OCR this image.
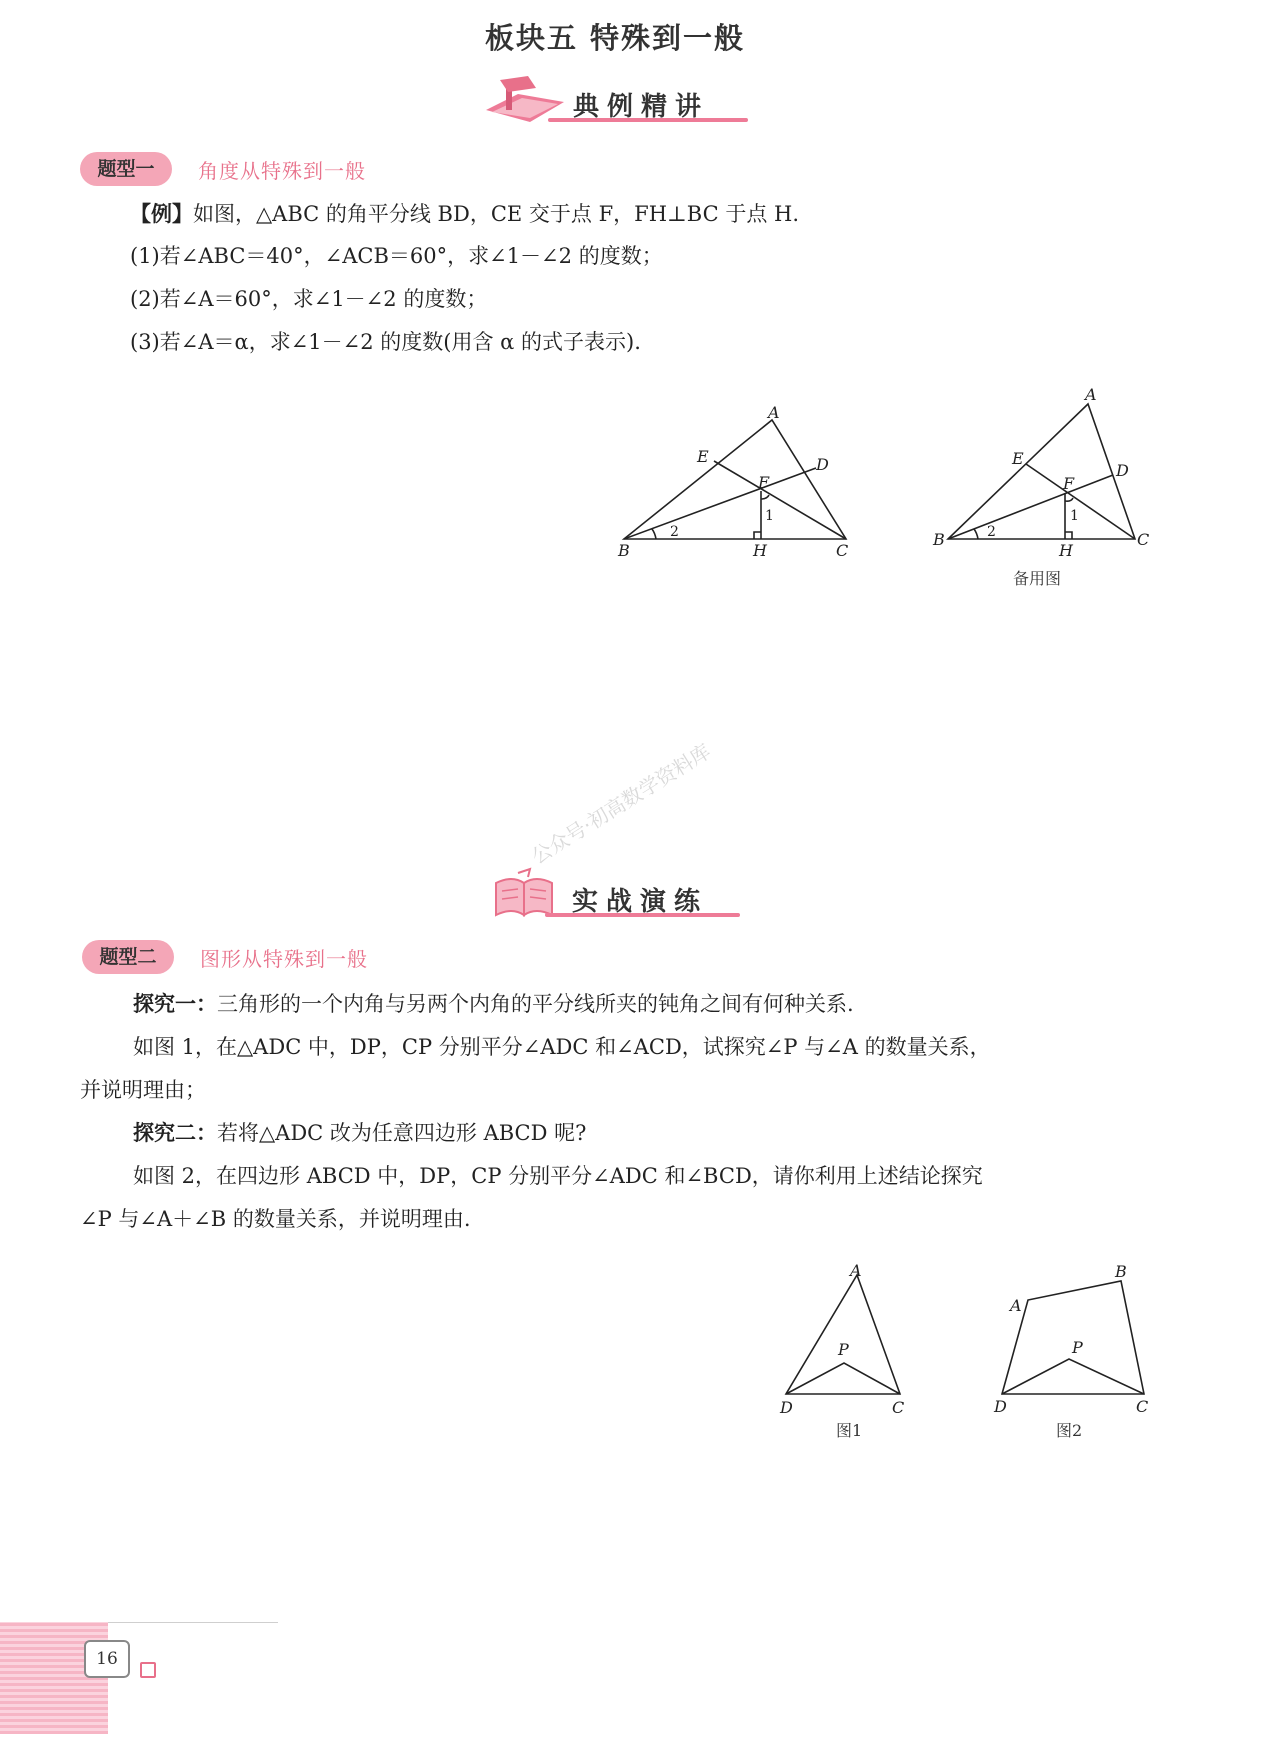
板块五 特殊到一般
典例精讲
题型一	角度从特殊到一般
【例】如图，△ABC 的角平分线 BD，CE 交于点 F，FH⊥BC 于点 H.
(1)若∠ABC＝40°，∠ACB＝60°，求∠1－∠2 的度数；
(2)若∠A＝60°，求∠1－∠2 的度数；
(3)若∠A＝α，求∠1－∠2 的度数(用含 α 的式子表示).
A
B	C
D
E
F
H
1
2
A
B	C
D
E
F
H
1
2
备用图
实战演练
公众号·初高数学资料库
题型二	图形从特殊到一般
探究一：三角形的一个内角与另两个内角的平分线所夹的钝角之间有何种关系.
如图 1，在△ADC 中，DP，CP 分别平分∠ADC 和∠ACD，试探究∠P 与∠A 的数量关系，
并说明理由；
探究二：若将△ADC 改为任意四边形 ABCD 呢?
如图 2，在四边形 ABCD 中，DP，CP 分别平分∠ADC 和∠BCD，请你利用上述结论探究
∠P 与∠A＋∠B 的数量关系，并说明理由.
A
P
D	C
图1
B
A
P
D	C
图2
16
